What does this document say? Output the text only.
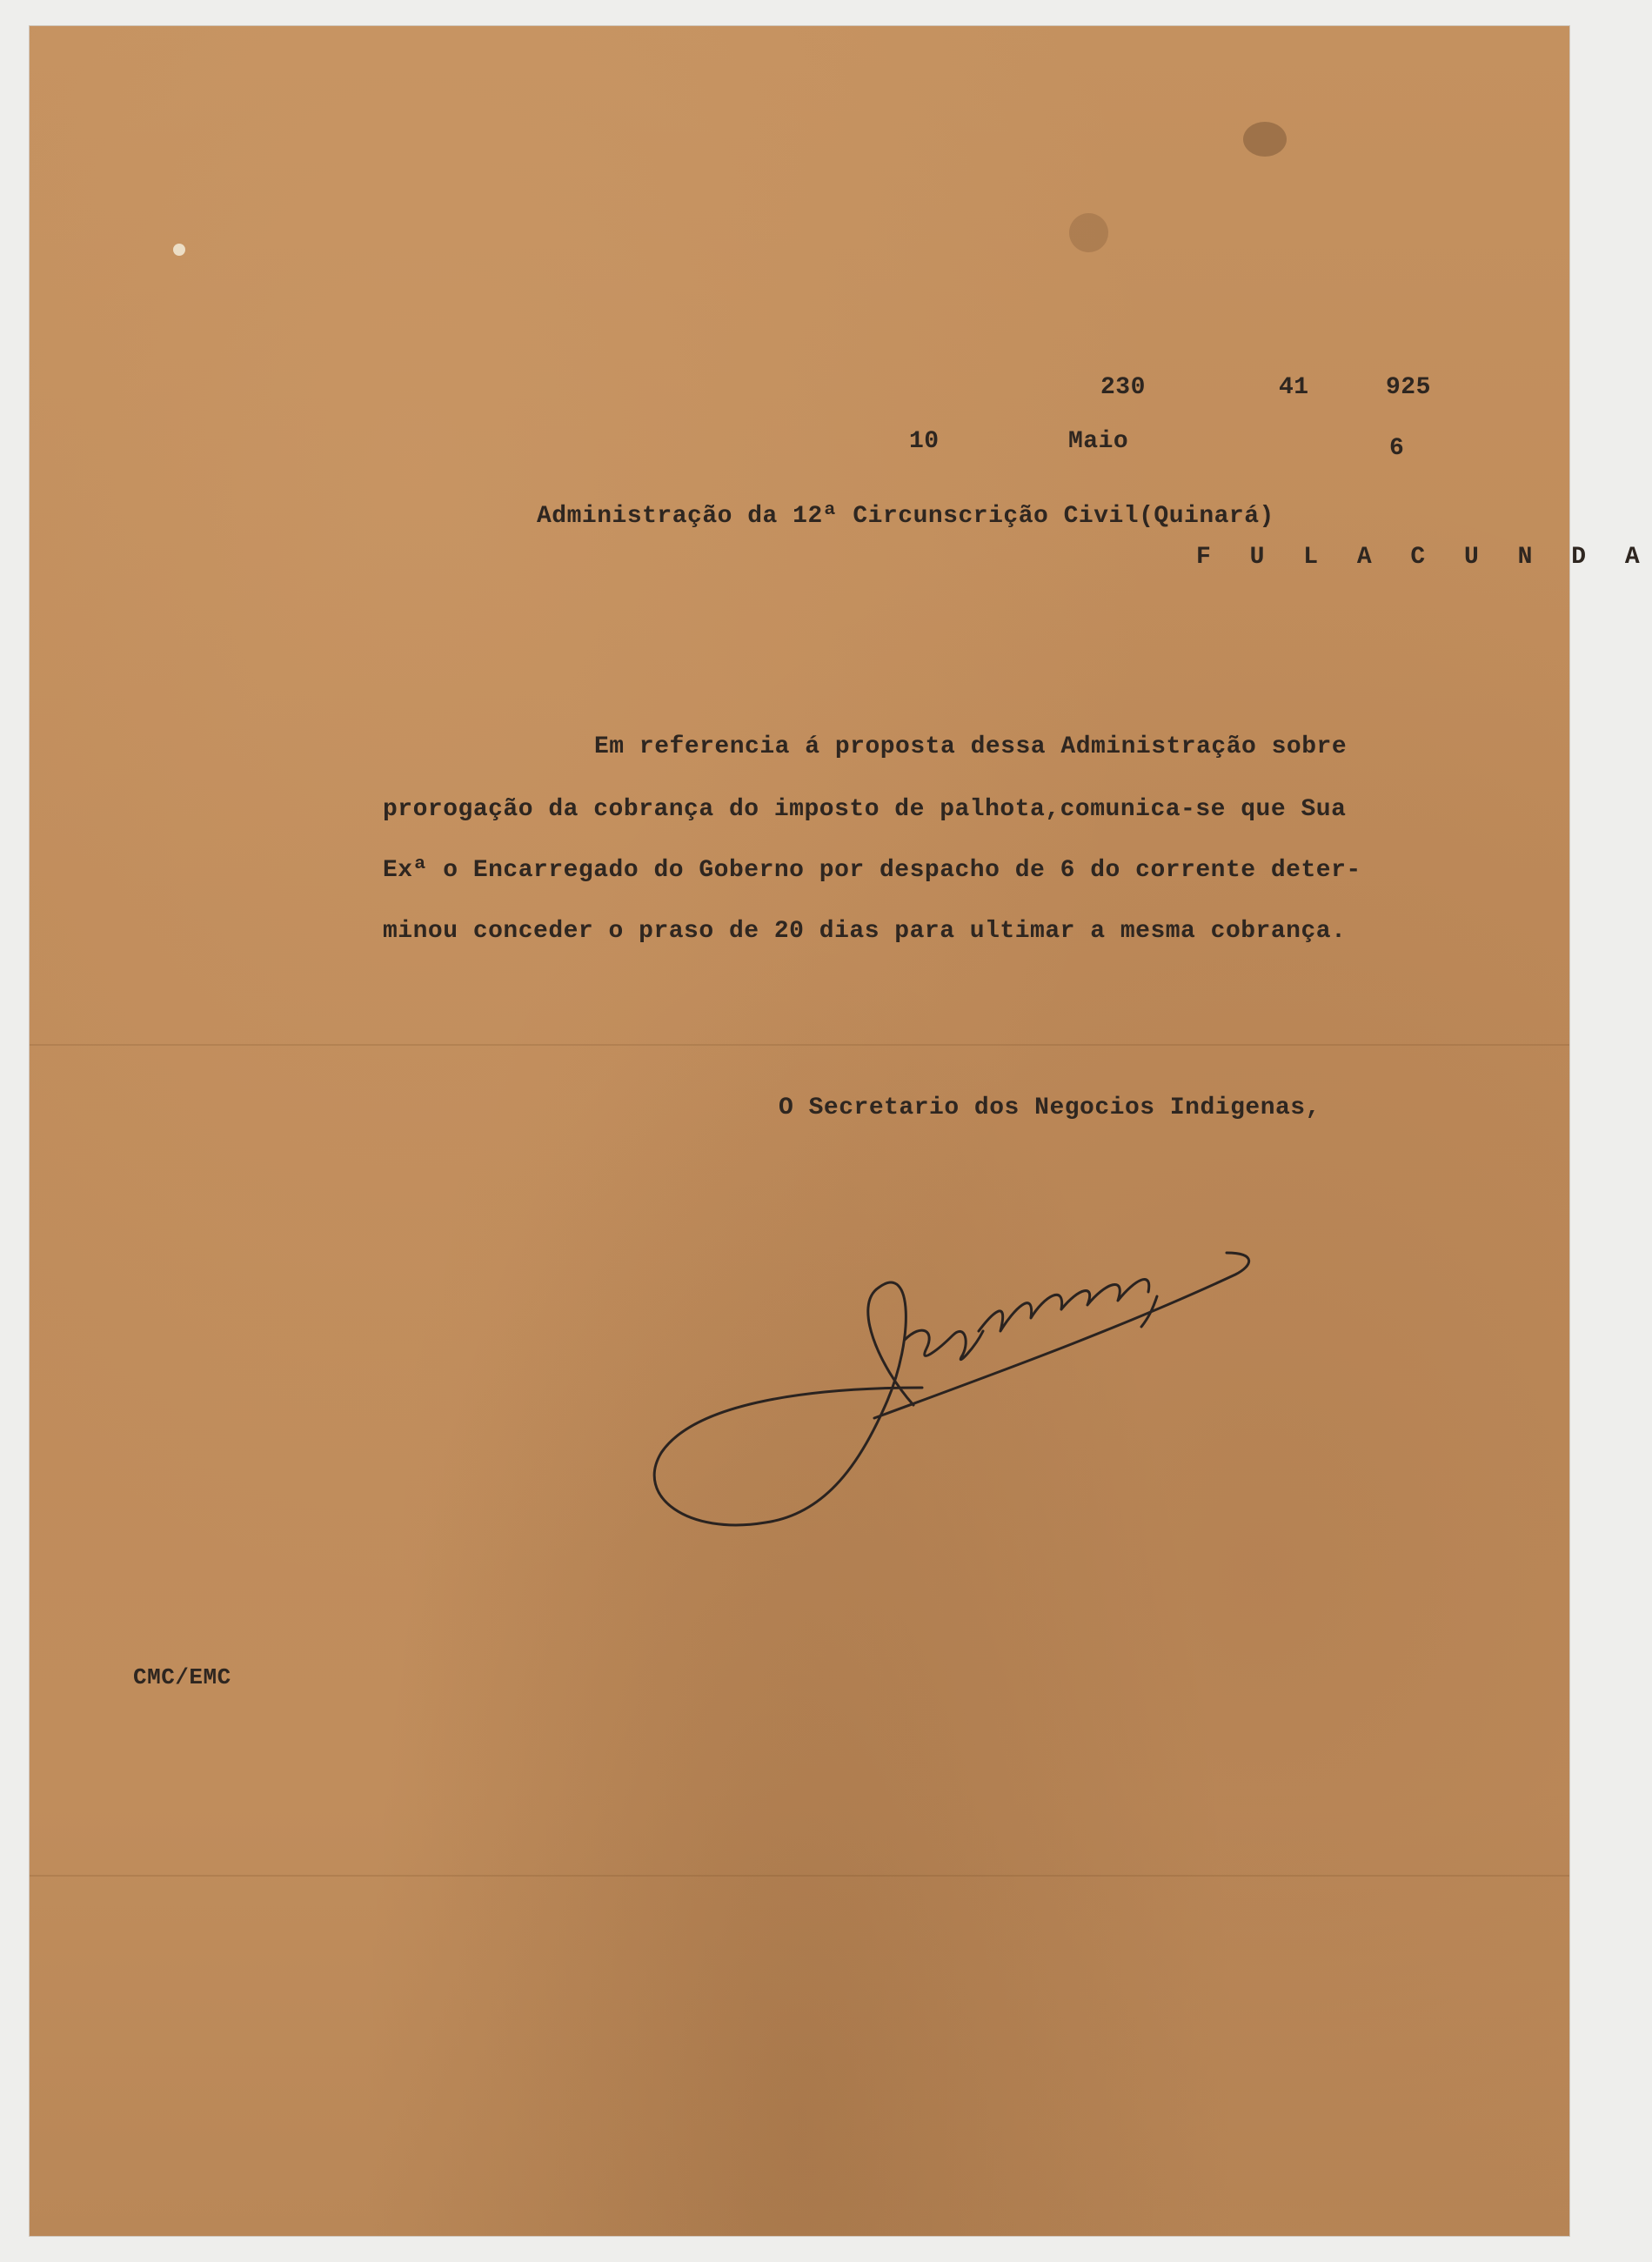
230	41	925
10	Maio	6
Administração da 12ª Circunscrição Civil(Quinará)
F U L A C U N D A
Em referencia á proposta dessa Administração sobre
prorogação da cobrança do imposto de palhota,comunica-se que Sua
Exª o Encarregado do Goberno por despacho de 6 do corrente deter-
minou conceder o praso de 20 dias para ultimar a mesma cobrança.
O Secretario dos Negocios Indigenas,
CMC/EMC
